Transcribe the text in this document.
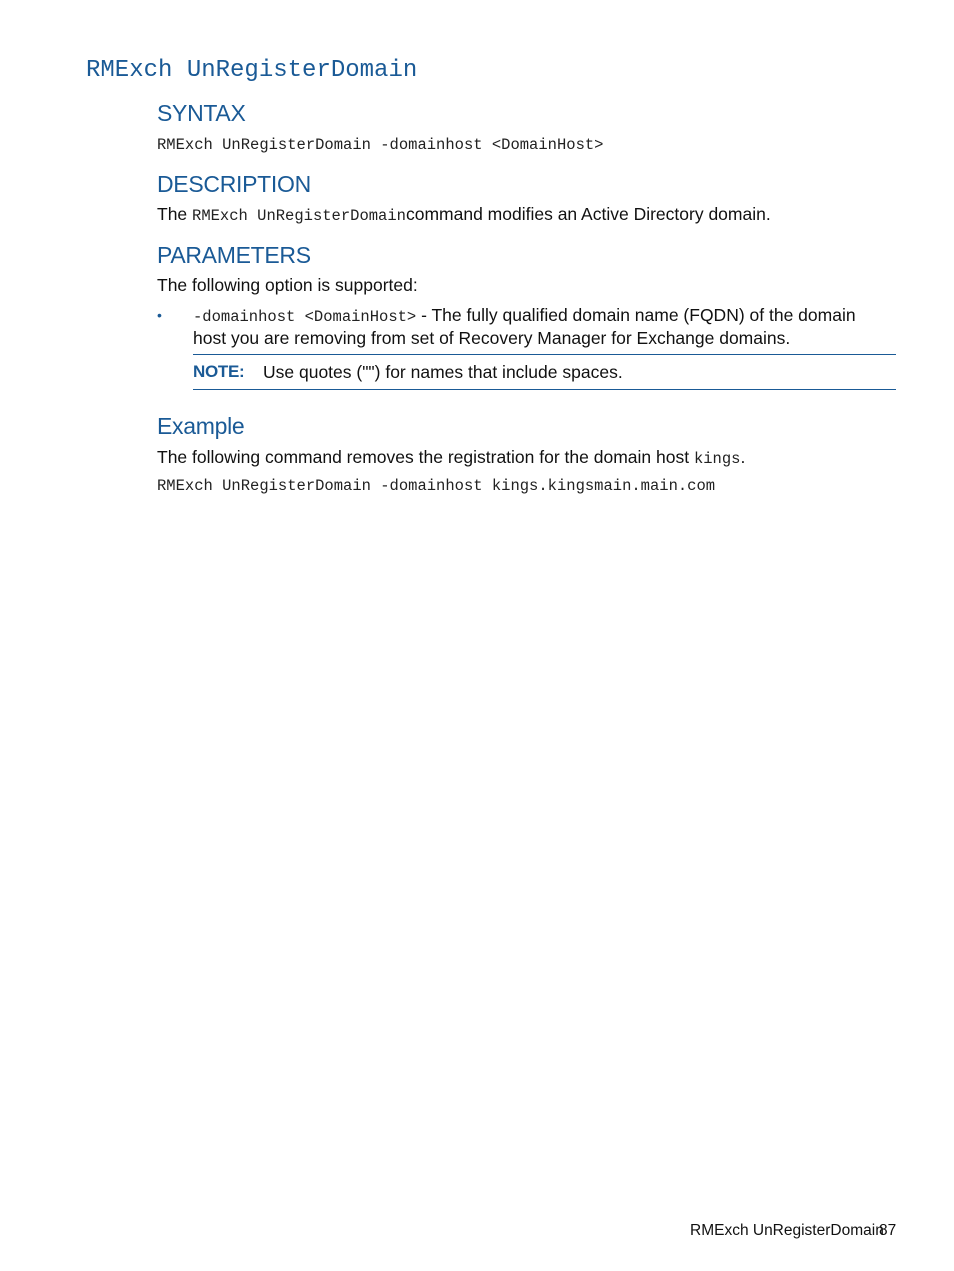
RMExch UnRegisterDomain
SYNTAX
RMExch UnRegisterDomain -domainhost <DomainHost>
DESCRIPTION
The RMExch UnRegisterDomaincommand modifies an Active Directory domain.
PARAMETERS
The following option is supported:
• -domainhost <DomainHost> - The fully qualified domain name (FQDN) of the domain host you are removing from set of Recovery Manager for Exchange domains.
NOTE: Use quotes ("") for names that include spaces.
Example
The following command removes the registration for the domain host kings.
RMExch UnRegisterDomain -domainhost kings.kingsmain.main.com
RMExch UnRegisterDomain
87
